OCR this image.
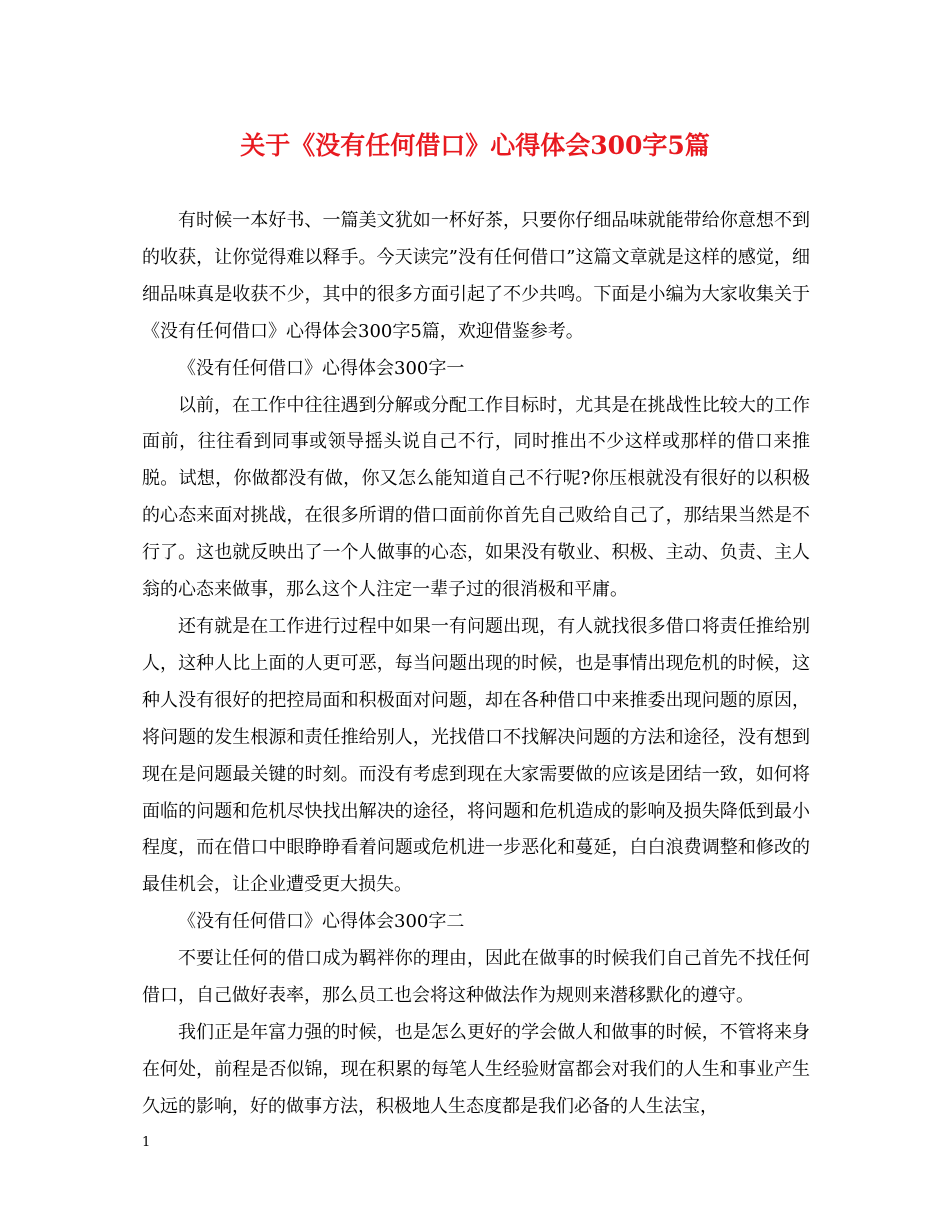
关于《没有任何借口》心得体会300字5篇

有时候一本好书、一篇美文犹如一杯好茶，只要你仔细品味就能带给你意想不到的收获，让你觉得难以释手。今天读完”没有任何借口”这篇文章就是这样的感觉，细细品味真是收获不少，其中的很多方面引起了不少共鸣。下面是小编为大家收集关于《没有任何借口》心得体会300字5篇，欢迎借鉴参考。

《没有任何借口》心得体会300字一

以前，在工作中往往遇到分解或分配工作目标时，尤其是在挑战性比较大的工作面前，往往看到同事或领导摇头说自己不行，同时推出不少这样或那样的借口来推脱。试想，你做都没有做，你又怎么能知道自己不行呢?你压根就没有很好的以积极的心态来面对挑战，在很多所谓的借口面前你首先自己败给自己了，那结果当然是不行了。这也就反映出了一个人做事的心态，如果没有敬业、积极、主动、负责、主人翁的心态来做事，那么这个人注定一辈子过的很消极和平庸。

还有就是在工作进行过程中如果一有问题出现，有人就找很多借口将责任推给别人，这种人比上面的人更可恶，每当问题出现的时候，也是事情出现危机的时候，这种人没有很好的把控局面和积极面对问题，却在各种借口中来推委出现问题的原因，将问题的发生根源和责任推给别人，光找借口不找解决问题的方法和途径，没有想到现在是问题最关键的时刻。而没有考虑到现在大家需要做的应该是团结一致，如何将面临的问题和危机尽快找出解决的途径，将问题和危机造成的影响及损失降低到最小程度，而在借口中眼睁睁看着问题或危机进一步恶化和蔓延，白白浪费调整和修改的最佳机会，让企业遭受更大损失。

《没有任何借口》心得体会300字二

不要让任何的借口成为羁袢你的理由，因此在做事的时候我们自己首先不找任何借口，自己做好表率，那么员工也会将这种做法作为规则来潜移默化的遵守。

我们正是年富力强的时候，也是怎么更好的学会做人和做事的时候，不管将来身在何处，前程是否似锦，现在积累的每笔人生经验财富都会对我们的人生和事业产生久远的影响，好的做事方法，积极地人生态度都是我们必备的人生法宝，

1
